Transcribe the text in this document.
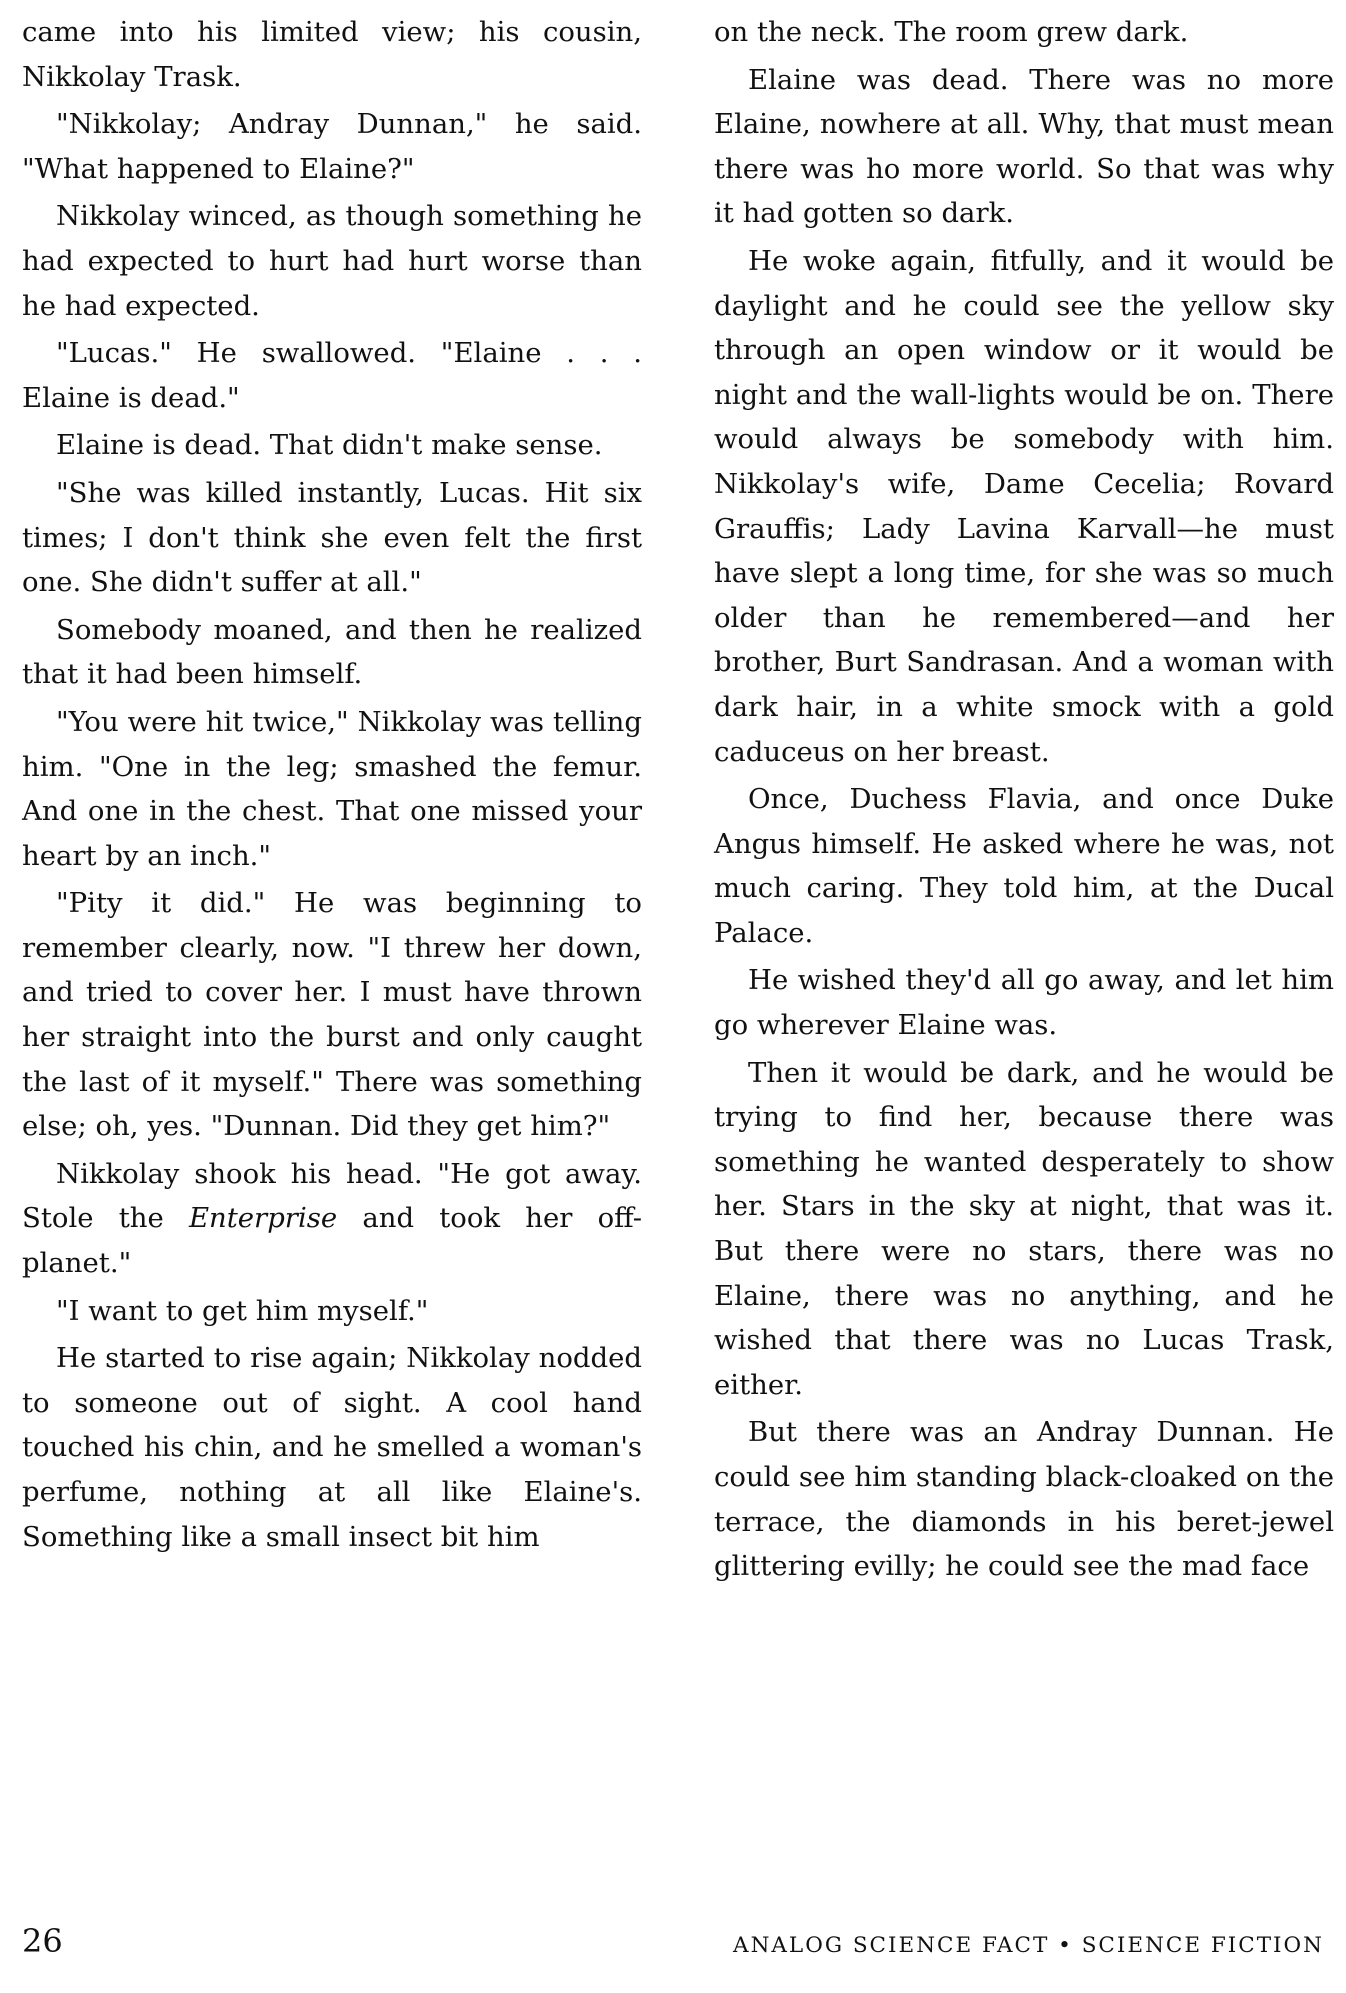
came into his limited view; his cousin, Nikkolay Trask.

"Nikkolay; Andray Dunnan," he said. "What happened to Elaine?"

Nikkolay winced, as though something he had expected to hurt had hurt worse than he had expected.

"Lucas." He swallowed. "Elaine . . . Elaine is dead."

Elaine is dead. That didn't make sense.

"She was killed instantly, Lucas. Hit six times; I don't think she even felt the first one. She didn't suffer at all."

Somebody moaned, and then he realized that it had been himself.

"You were hit twice," Nikkolay was telling him. "One in the leg; smashed the femur. And one in the chest. That one missed your heart by an inch."

"Pity it did." He was beginning to remember clearly, now. "I threw her down, and tried to cover her. I must have thrown her straight into the burst and only caught the last of it myself." There was something else; oh, yes. "Dunnan. Did they get him?"

Nikkolay shook his head. "He got away. Stole the Enterprise and took her off-planet."

"I want to get him myself."

He started to rise again; Nikkolay nodded to someone out of sight. A cool hand touched his chin, and he smelled a woman's perfume, nothing at all like Elaine's. Something like a small insect bit him

on the neck. The room grew dark.

Elaine was dead. There was no more Elaine, nowhere at all. Why, that must mean there was ho more world. So that was why it had gotten so dark.

He woke again, fitfully, and it would be daylight and he could see the yellow sky through an open window or it would be night and the wall-lights would be on. There would always be somebody with him. Nikkolay's wife, Dame Cecelia; Rovard Grauffis; Lady Lavina Karvall—he must have slept a long time, for she was so much older than he remembered—and her brother, Burt Sandrasan. And a woman with dark hair, in a white smock with a gold caduceus on her breast.

Once, Duchess Flavia, and once Duke Angus himself. He asked where he was, not much caring. They told him, at the Ducal Palace.

He wished they'd all go away, and let him go wherever Elaine was.

Then it would be dark, and he would be trying to find her, because there was something he wanted desperately to show her. Stars in the sky at night, that was it. But there were no stars, there was no Elaine, there was no anything, and he wished that there was no Lucas Trask, either.

But there was an Andray Dunnan. He could see him standing black-cloaked on the terrace, the diamonds in his beret-jewel glittering evilly; he could see the mad face

26	ANALOG SCIENCE FACT • SCIENCE FICTION
